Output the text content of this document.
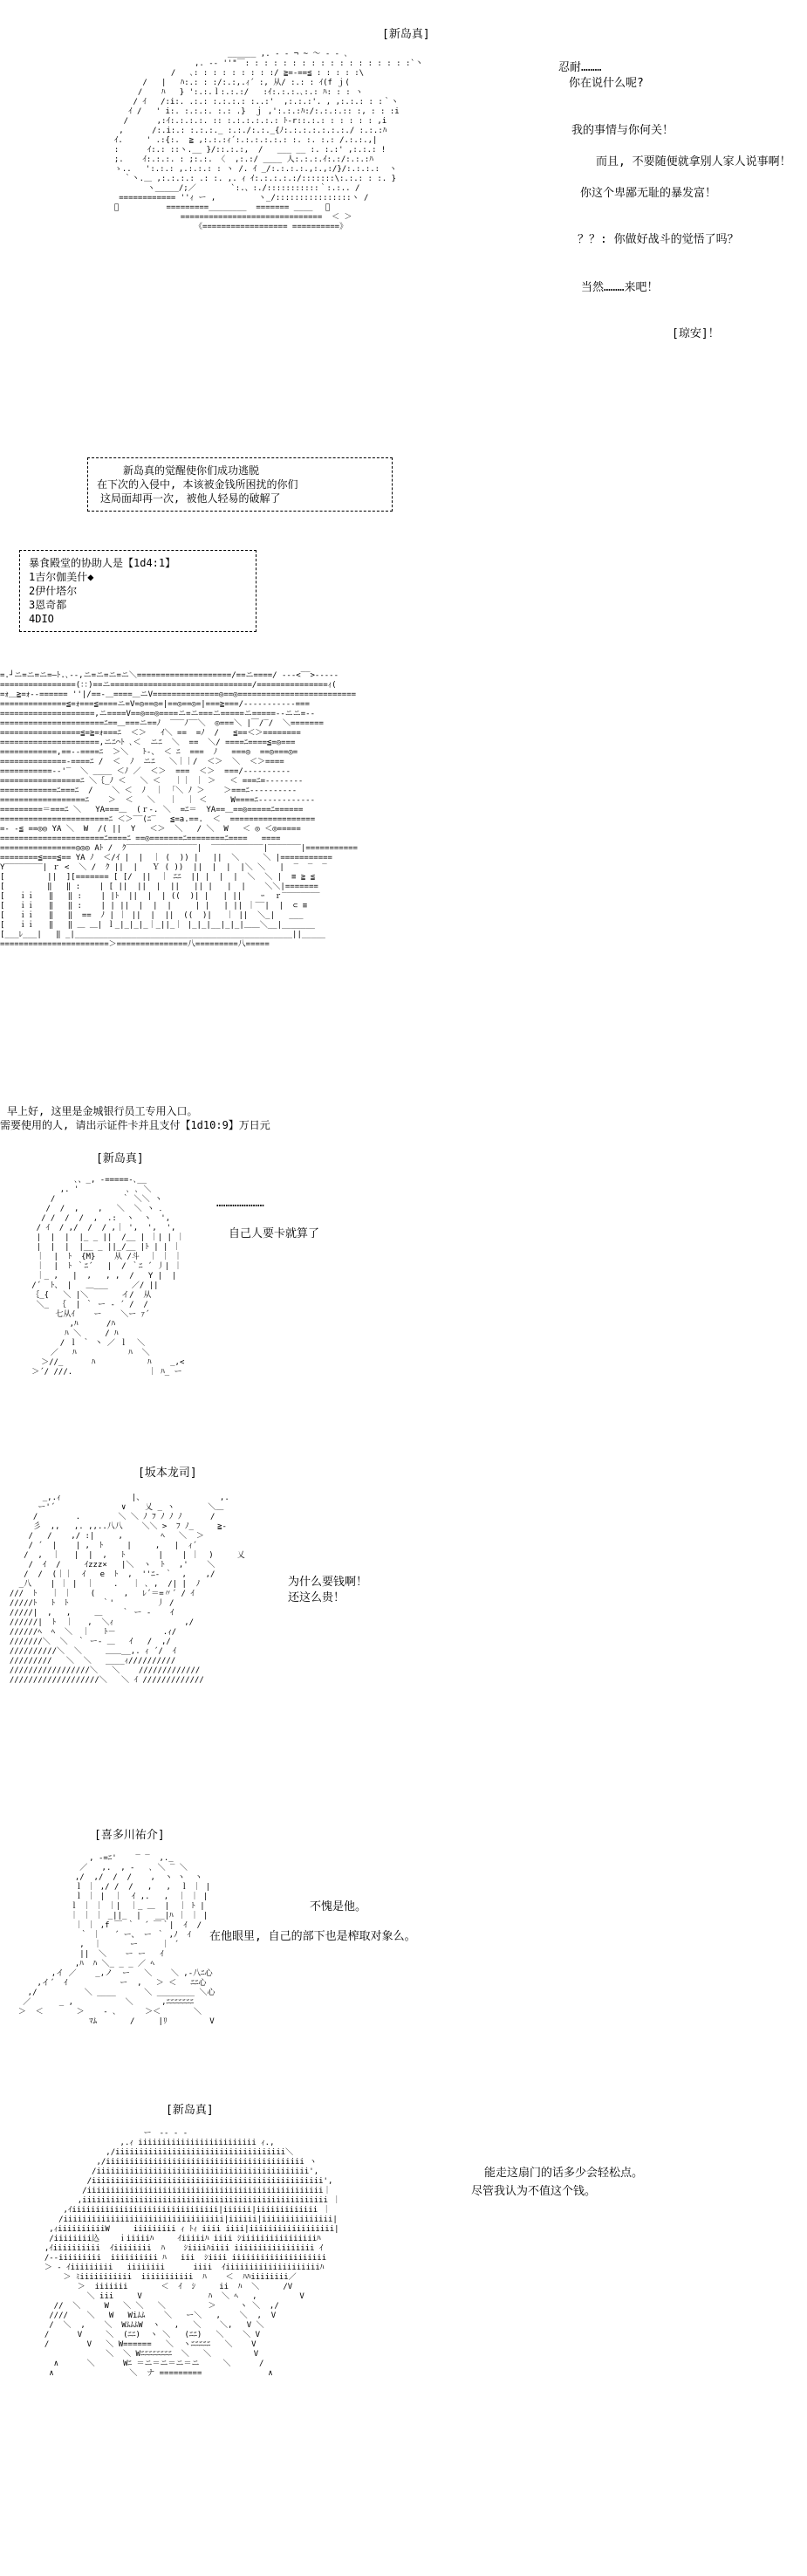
[新岛真]
______ ,. - ‐ ¬ ~ ～ ‐ - ､
,. -‐ ''"￣: : : : : : : : : : : : : : : : : :`丶
/   ､: : : : : : : : :/ ≧=‐==≦ : : : : :\
/   |   ﾊ:.: : :/:.:,.ｨ´ :, 从/ :.: : ｲ(f ｊ(
/    ﾊ   } ':.:.ｌ:.:.:/   :ｲ:.:.:.､:.: ﾊ: : : ヽ
/ ｲ   /:i:. .:.: :.:.:.: :..:'  ,:.:.:'. , ,:.:.: : :｀ヽ
ｲ /   ' i:. :.:.:. :.: .}  ｊ ,':.:.:ﾊ:/:.:.:.:: :, : : :i
/      ,:ｲ:.:.:.:. :: :.:.:.:.:.: ﾄ-r::.:.: : : : : : ,i
,      /:.i:.: :.:.:._ :.:./:.:._{ﾉ:.:.:.:.:.:.:./ :.:.:ﾊ
ｲ.     ' .:{:.  ≧ ,:.:.:ｨ´:.:.:.:.:.: :. :. :.: /.:.:.,|
:      ｲ:.: ::ヽ.__ }/::.:.:,  /   ___ __ :. :.:' ,:.:.: !
;.    ｲ:.:.:. : ;:.:. 〈  ,:.:/ ____ 人:.:.:.ｲ:.:/:.:.:ﾊ
ゝ..   ':.:.: ,.:.:.: : ヽ /. ｲ _/:.:.:.:.,:.,:/}/:.:.:.:  ヽ
｀丶.＿ ,:.:.:.: .: :. ,. ｨ ｲ:.:.:.:.:/:::::::\:.:.: : :. }
ヽ_____/;／　　    `:.、:./:::::::::::｀:.:.. /
============ ''ｨ ー ,         ヽ_/::::::::::::::::ヽ /
゙          =========________  ======= ____　 ＿
==============================  ＜ ＞
《================== ==========》

忍耐………
你在说什么呢?
我的事情与你何关！
而且, 不要随便就拿别人家人说事啊！
你这个卑鄙无耻的暴发富！
？？: 你做好战斗的觉悟了吗？
当然………来吧！
[琼安]！
新岛真的觉醒使你们成功逃脱
在下次的入侵中, 本该被金钱所困扰的你们
这局面却再一次, 被他人轻易的破解了
暴食殿堂的协助人是【1d4:1】
1吉尔伽美什◆
2伊什塔尔
3恩奇都
4DIO
=.┘ニ=ニ=ニ=―ﾄ.､-‐,ニ=ニ=ニ=ニ＼====================/==ニ====/ ---<‾‾>-----
================(：：)==ニ==============================/===============ｨ(
=ｫ＿≧=ｫ--====== ''|/==-＿====＿ニV==============◎==◎=========================
==============≦=ｫ===≦====ニ=V=◎==◎=|==◎==◎=|===≧===/--------‐-‐===
====================,ニ====V==◎==◎====ニ=ニ===ニ=====ニ=====-‐ニニ=‐-
======================ﾆ==＿===ニ==ﾉ  ‾‾‾ﾉ‾‾＼  ◎===＼ |￣/‾/  ＼=======
=================≦=≧=ｫ===ﾆ  ＜＞   ｲ＼ ==  =ﾉ  /   ≦==＜＞========
=====================,ニﾆ⌒ﾄ ､＜  ニﾆ  ＼  ==  ＼/ ====ﾆ====≦=◎===
============,==--====ﾆ  ＞＼   ﾄ-、 ＜ ﾆ  ===  ﾉ   ===◎  ==◎===◎=
==============‐====ﾆ /  ＜  ﾉ  ニﾆ   ＼｜｜/  ＜＞  ＼  ＜＞====
===========--'‾  ＼ ____ ＜ﾉ ／  ＜＞  ===  ＜＞  ===/----------
=================ﾆ ＼｛_ﾉ ＜   ＼ ＜   ｜｜ ｜ ＞   ＜ ===ﾆ=--------
============ﾆ===ﾆ  /    ＼ ＜  ﾉ  ｜ 「＼ ﾉ ＞    ＞===ﾆ----------
==================ﾆ    ＞  ＜   ＼   ｜  ｜ ＜     W====ﾆ------------
=========＝===ﾆ ＼   YA===＿  (ｒ-. ＼  =ﾆ＝  YA==＿==◎=====ﾆ======
=======================ﾆ ＜＞‾‾(ﾆ‾   ≦=a.==.  ＜  ==================
=- -≦ ==◎◎ YA ＼  W  /( ||  Y   ＜＞  ＼   / ＼  W   ＜ ◎ ＜◎=====
======================ﾆ====ﾆ ==◎=======ﾆ========ﾆ====   ====
================◎◎◎ Aﾄ /  ｸ‾‾‾‾‾‾‾‾‾‾‾‾‾‾‾|  ‾‾‾‾‾‾‾‾‾‾‾|‾‾‾‾‾‾‾|===========
========≦===≦== YA ﾉ  ＜/ｲ |  |  ｜ (  )) |   ||  ＼     ＼ |===========
Y‾‾‾‾‾‾‾‾| ｒ <  ＼ /  ｸ ||  |   Ｙ ( ))  ||  |  |  |＼ ＼   |  ‾  ‾  ‾
[         ||  ][======= [ [/  ||  ｜ ﾆﾆ  || |  |  |  ＼  ＼ |  ≡ ≧ ≦
[         ‖   ‖ :    | [ ||  ||  |  ||   || |   |  |    ＼＼|=======
[   ｉｉ   ‖   ‖ :    | |ﾄ  ||  |  | ((  )| |   | ||    ｰ  ｒ‾‾‾‾‾‾‾‾
[   ｉｉ   ‖   ‖ :    | | ||  |  |  |     | |   | || ｜‾‾|  |  ⊂ ≡
[   ｉｉ   ‖   ‖  ==  ﾉ | ｜ ||  |  ||  ((  )|   ｜ ||  ＼_|   ___
[   ｉｉ   ‖   ‖ ＿ ＿| ｌ_|_|_|_｜_||_｜ |_|_|__|_|_|＿＿＼__|_______
[___ﾚ___|   ‖ _|______________________________________________||_____
=======================＞===============八=========八=====

早上好, 这里是金城银行员工专用入口。
需要使用的人, 请出示证件卡并且支付【1d10:9】万日元
[新岛真]
､、_, -=====-､__
,. '          ､ ､ ＼
/              ｀ ＼＼ ヽ
/  /  ,    ,   ＼  ＼ ヽ ．
/ /  /  /  ,  .:  ヽ  ヽ  ',
/ ｲ  / ,/  /  / ,｜ ',  ',  ',
|  |  |  |_ _ ||  /__ | ｜| | ｜
|  |  |  |__ _ ||_/__ |ﾄ | | ｜
｜  |  ﾄ  {M}    从 /斗  ｜ ｜ ｜
｜  |  ﾄ ｀ﾆ´   |  / ｀ﾆ ´ 丿| ｜
｜_ ,   |  ,   , ,  /   Y |  |
/´  ﾄ、 |   ＿___     ／/ ||
｛_{   ＼ |＼       イ/  从
＼_  ｛  | ｀ ー ‐ ´ /  /
七从ｲ    ー    ＼ー ｧ´
,ﾊ      /ﾊ
ﾊ ＼     / ﾊ
/ ｌ ｀ 丶 ／ ｌ  ＼
／   ﾊ           ﾊ  ＼
＞//_      ﾊ           ﾊ    _,<
＞´/ ///.                ｜ ﾊ_ ー

…………………
自己人要卡就算了
[坂本龙司]
_,.ｨ               |、                ,.
ー'´              ∨    乂 _ ヽ       ＼＿
/        .        ＼ ＼ ﾉ ﾌ ﾉ ﾉ ﾉ      /
彡  ,,   ,. ,,..八八    ＼＼ >  ﾌ ﾉ_     ≧-
/   /    ,/ :|     ,        ﾍ   ＼  ＞
/ ´  |    | ,  ﾄ     |     ,   |  ｨ´
/  ,  ｜   |  |  ,   ﾄ       |    | ｜  )     乂
/  ｲ  /     ｲzzz×   |＼  ヽ  ﾄ   ,'    ＼
/  /  (｜｜  ｲ   e  ﾄ  ,  ''ﾆ‐ ｀  ,    ,/
_八    | ｜ |  ｜    .   ｜ ､ ,  /| |  ﾉ
///  ﾄ   ｜ ｜    (      ,   ﾚ´＝=〃´ / ｲ
/////ﾄ   ﾄ  ﾄ       ｀'         丿 /
/////|  ,   ,     ＿    ｀ ー -    ｲ
//////|  ﾄ  ｜   ,  ＼ｨ               ,/
//////ﾍ  ﾍ  ＼  ｜   ﾄ－          .ｨ/
///////＼  ＼  ｀ ー- ＿   ｲ   /  ,/
//////////＼  ＼     ＿＿__,. ｨ ´/  ｲ
/////////   ＼  ＼   ____ｨ//////////
/////////////////＼   ＼    /////////////
///////////////////＼   ＼ ｲ /////////////

为什么要钱啊！
还这么贵！
[喜多川祐介]
, -=ﾆ'    ‾ ‾  ,._
／   ,.  , -   ､ ＼ ‾ ＼
,/  ,/  /  /    ,  ヽ ヽ  ヽ
ｌ ｜ ,/ /  /   ,   ,  ｌ ｜ |
ｌ ｜ |  ｜  ｲ ,.   ,  ｜ ｜ |
ｌ ｜ ｜ ｜|  ｜_ ＿  |  ｜ ﾄ |
｜ ｜ ｜ _||_  |   __|ﾊ ｜ ｜ |
｜ ｜ ,f ￣ ｀  ´ ￣｀|  ｲ  /
｀ ｜   ´ ー、 ー ｀ ,ﾉ  ｲ
,  ｜      ー     ｜ ´
||  ＼    ー ー   ｲ
,ﾊ  ﾊ ＼_ _ _ ／ ﾍ
,イ ／    _,ノ  ー   ＼    ＼ ,-八ﾆ心
,イ´  ｲ           ー  ,   ＞ ＜   ﾆﾆ心
,/          ＼ ____      ＼ ________ ＼心
／      _ ,           ＼      ,ﾆﾆﾆﾆﾆﾆﾆ
＞  ＜       ＞    ‐ ､      ＞＜       ＼
ﾏﾑ       /     |ﾘ         V

不愧是他。
在他眼里, 自己的部下也是榨取对象么。
[新岛真]
ー　-‐ ‐ -
,.ｨ iiiiiiiiiiiiiiiiiiiiiiiii ｨ.,
,/iiiiiiiiiiiiiiiiiiiiiiiiiiiiiiiiiiii＼
,/iiiiiiiiiiiiiiiiiiiiiiiiiiiiiiiiiiiiiiiiii ヽ
/iiiiiiiiiiiiiiiiiiiiiiiiiiiiiiiiiiiiiiiiiiiii',
/iiiiiiiiiiiiiiiiiiiiiiiiiiiiiiiiiiiiiiiiiiiiiiiii',
/iiiiiiiiiiiiiiiiiiiiiiiiiiiiiiiiiiiiiiiiiiiiiiiiii｜
,iiiiiiiiiiiiiiiiiiiiiiiiiiiiiiiiiiiiiiiiiiiiiiiiiiii ｜
,ｲiiiiiiiiiiiiiiiiiiiiiiiiiiiiiii|iiiiii|iiiiiiiiiiiii ｜
/iiiiiiiiiiiiiiiiiiiiiiiiiiiiiiiiii|iiiiii|iiiiiiiiiiiiiii|
,ｨiiiiiiiiiiW     iiiiiiiii ｨ ﾄｨ iiii iiii|iiiiiiiiiiiiiiiiii|
/iiiiiiii込    ｉiiiiiﾊ     ｲiiiiiﾊ iiii ｼiiiiiiiiiiiiiiiiﾊ
,ｲiiiiiiiiii  ｲiiiiiiii  ﾊ    ｼiiiiﾊiiii iiiiiiiiiiiiiiiii ｲ
/-‐iiiiiiiii  iiiiiiiiii ﾊ   iii  ｼiiii iiiiiiiiiiiiiiiiiiii
＞ ‐ ｲiiiiiiiii   iiiiiiii      iiii  ｲiiiiiiiiiiiiiiiiiiiiﾊ
＞ ﾐiiiiiiiiiii  iiiiiiiiiii  ﾊ    ＜  ﾊﾊiiiiiiii／
＞  iiiiiii       ＜  ｲ  ｼ     ii  ﾊ  ＼     /V
＼ iii     V              ﾊ  ＼ ﾍ   ,         V
//  ＼     W   ＼ ＼   ＼         ＞     ヽ ＼  ,/
////    ＼   W   Wiﾑﾑ    ＼   ー＼   ,    ＼  ,  V
/  ＼  ,    ＼  WﾑﾑﾑW  ヽ   ,   ＼    ＼,   V ＼
/      V     ＼  (ﾆﾆ)  ヽ ＼   (ﾆﾆ)   ＼    ＼ V
/        V   ＼ W======   ＼  ヽﾆﾆﾆﾆﾆ   ＼    V
＼  ＼ Wﾆﾆﾆﾆﾆﾆﾆﾆ  ＼   ＼         V
∧      ＼      Wﾆ ＝ニ＝ニ＝ニ＝ニ     ＼      /
∧                ＼  ナ =========              ∧

能走这扇门的话多少会轻松点。
尽管我认为不值这个钱。
